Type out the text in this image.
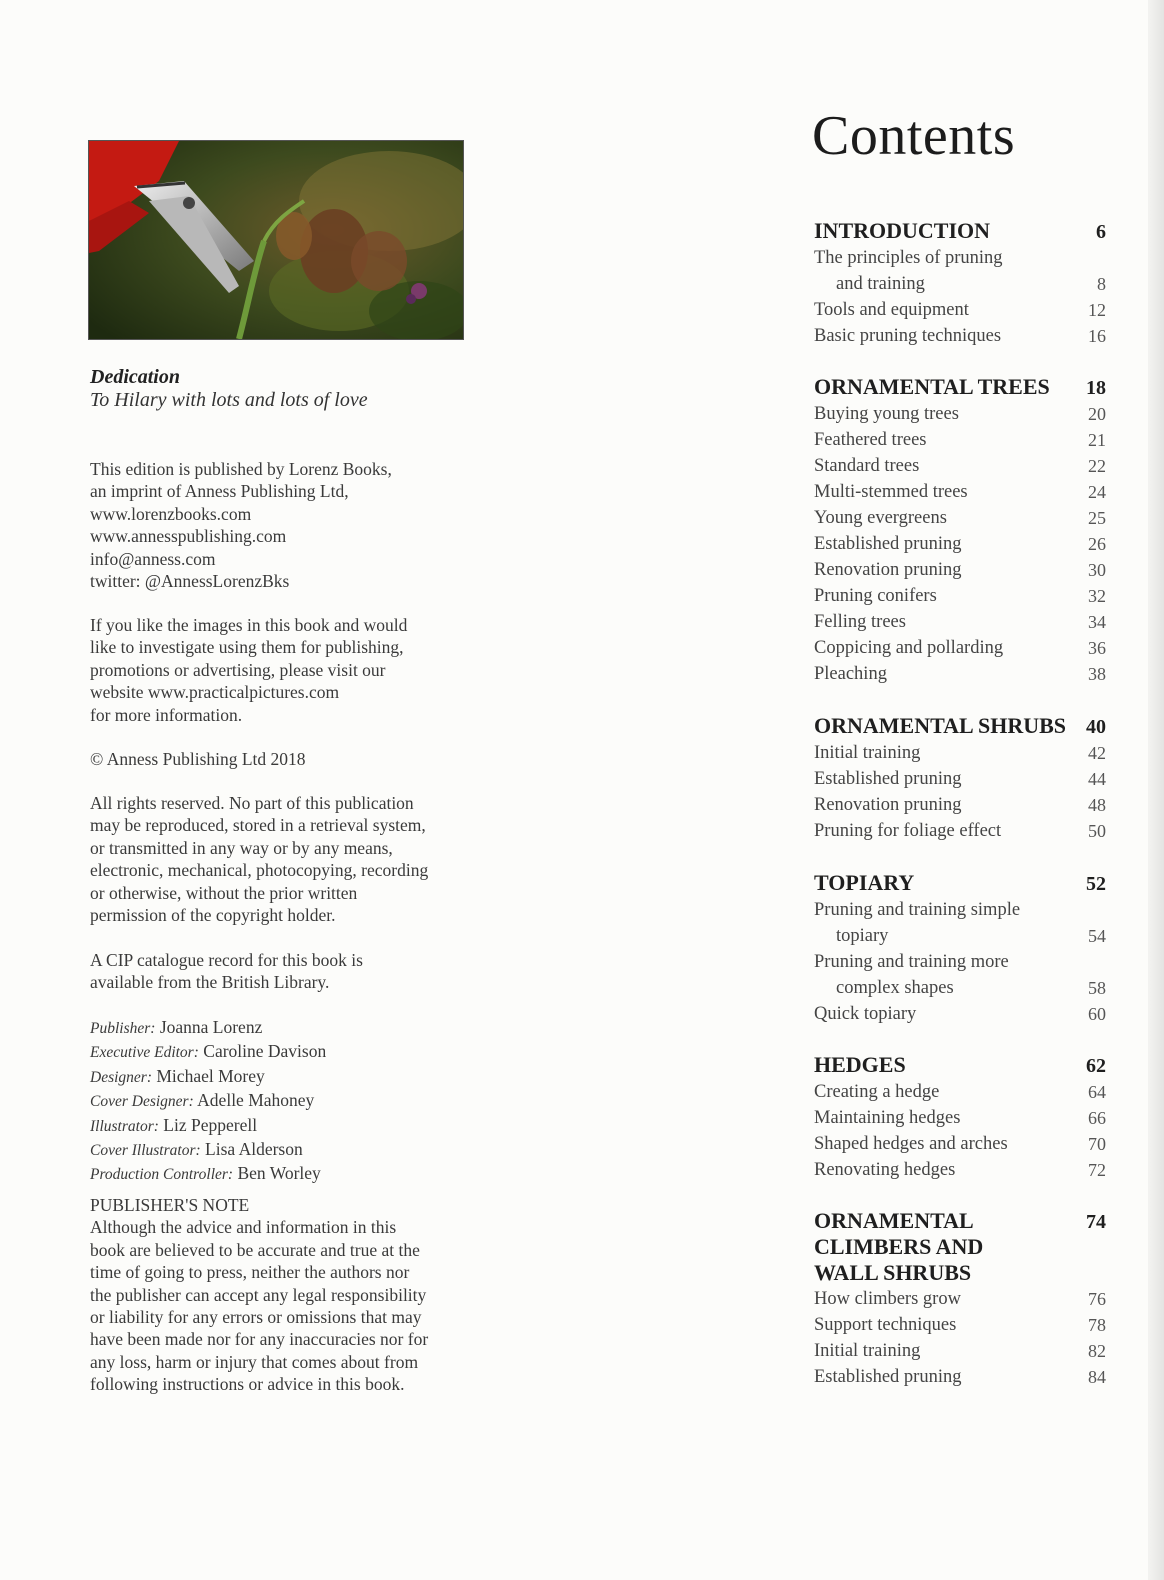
Dedication
To Hilary with lots and lots of love
This edition is published by Lorenz Books,
an imprint of Anness Publishing Ltd,
www.lorenzbooks.com
www.annesspublishing.com
info@anness.com
twitter: @AnnessLorenzBks
If you like the images in this book and would
like to investigate using them for publishing,
promotions or advertising, please visit our
website www.practicalpictures.com
for more information.
© Anness Publishing Ltd 2018
All rights reserved. No part of this publication
may be reproduced, stored in a retrieval system,
or transmitted in any way or by any means,
electronic, mechanical, photocopying, recording
or otherwise, without the prior written
permission of the copyright holder.
A CIP catalogue record for this book is
available from the British Library.
Publisher: Joanna Lorenz
Executive Editor: Caroline Davison
Designer: Michael Morey
Cover Designer: Adelle Mahoney
Illustrator: Liz Pepperell
Cover Illustrator: Lisa Alderson
Production Controller: Ben Worley
PUBLISHER'S NOTE
Although the advice and information in this
book are believed to be accurate and true at the
time of going to press, neither the authors nor
the publisher can accept any legal responsibility
or liability for any errors or omissions that may
have been made nor for any inaccuracies nor for
any loss, harm or injury that comes about from
following instructions or advice in this book.
Contents
INTRODUCTION	6
The principles of pruning
and training	8
Tools and equipment	12
Basic pruning techniques	16
ORNAMENTAL TREES 18
Buying young trees	20
Feathered trees	21
Standard trees	22
Multi-stemmed trees	24
Young evergreens	25
Established pruning	26
Renovation pruning	30
Pruning conifers	32
Felling trees	34
Coppicing and pollarding	36
Pleaching	38
ORNAMENTAL SHRUBS 40
Initial training	42
Established pruning	44
Renovation pruning	48
Pruning for foliage effect	50
TOPIARY	52
Pruning and training simple
topiary	54
Pruning and training more
complex shapes	58
Quick topiary	60
HEDGES	62
Creating a hedge	64
Maintaining hedges	66
Shaped hedges and arches	70
Renovating hedges	72
ORNAMENTAL
CLIMBERS AND
WALL SHRUBS
74
How climbers grow	76
Support techniques	78
Initial training	82
Established pruning	84
